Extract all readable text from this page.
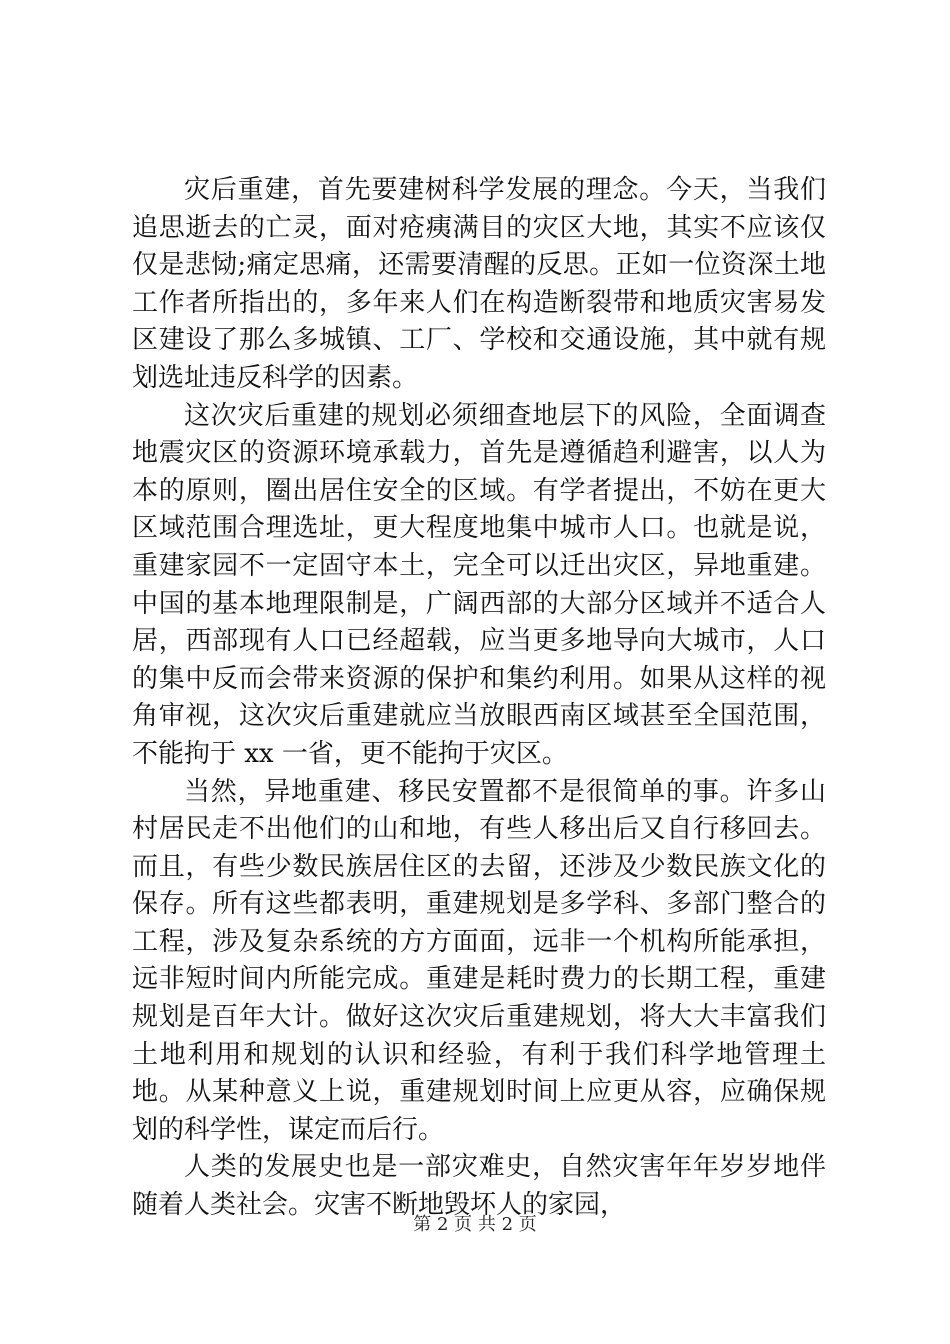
灾后重建，首先要建树科学发展的理念。今天，当我们追思逝去的亡灵，面对疮痍满目的灾区大地，其实不应该仅仅是悲恸;痛定思痛，还需要清醒的反思。正如一位资深土地工作者所指出的，多年来人们在构造断裂带和地质灾害易发区建设了那么多城镇、工厂、学校和交通设施，其中就有规划选址违反科学的因素。

这次灾后重建的规划必须细查地层下的风险，全面调查地震灾区的资源环境承载力，首先是遵循趋利避害，以人为本的原则，圈出居住安全的区域。有学者提出，不妨在更大区域范围合理选址，更大程度地集中城市人口。也就是说，重建家园不一定固守本土，完全可以迁出灾区，异地重建。中国的基本地理限制是，广阔西部的大部分区域并不适合人居，西部现有人口已经超载，应当更多地导向大城市，人口的集中反而会带来资源的保护和集约利用。如果从这样的视角审视，这次灾后重建就应当放眼西南区域甚至全国范围，不能拘于 xx 一省，更不能拘于灾区。

当然，异地重建、移民安置都不是很简单的事。许多山村居民走不出他们的山和地，有些人移出后又自行移回去。而且，有些少数民族居住区的去留，还涉及少数民族文化的保存。所有这些都表明，重建规划是多学科、多部门整合的工程，涉及复杂系统的方方面面，远非一个机构所能承担，远非短时间内所能完成。重建是耗时费力的长期工程，重建规划是百年大计。做好这次灾后重建规划，将大大丰富我们土地利用和规划的认识和经验，有利于我们科学地管理土地。从某种意义上说，重建规划时间上应更从容，应确保规划的科学性，谋定而后行。

人类的发展史也是一部灾难史，自然灾害年年岁岁地伴随着人类社会。灾害不断地毁坏人的家园，

第 2 页 共 2 页
